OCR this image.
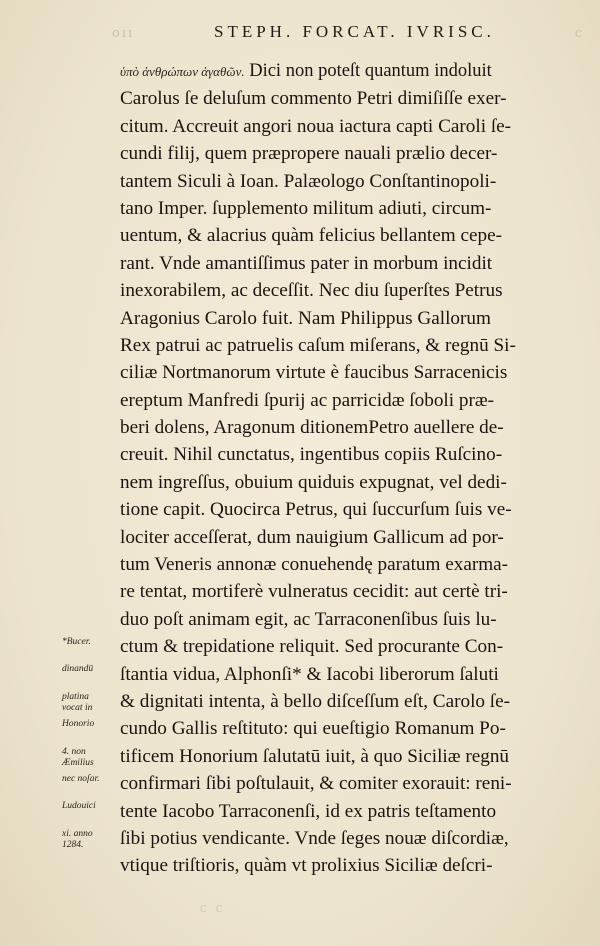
oıı	STEPH. FORCAT. IVRISC.	c
ὑπὸ ἀνθρώπων ἀγαθῶν. Dici non poteſt quantum indoluit
Carolus ſe deluſum commento Petri dimiſiſſe exer-
citum. Accreuit angori noua iactura capti Caroli ſe-
cundi filij, quem præpropere nauali prælio decer-
tantem Siculi à Ioan. Palæologo Conſtantinopoli-
tano Imper. ſupplemento militum adiuti, circum-
uentum, & alacrius quàm felicius bellantem cepe-
rant. Vnde amantiſſimus pater in morbum incidit
inexorabilem, ac deceſſit. Nec diu ſuperſtes Petrus
Aragonius Carolo fuit. Nam Philippus Gallorum
Rex patrui ac patruelis caſum miſerans, & regnū Si-
ciliæ Nortmanorum virtute è faucibus Sarracenicis
ereptum Manfredi ſpurij ac parricidæ ſoboli præ-
beri dolens, Aragonum ditionemPetro auellere de-
creuit. Nihil cunctatus, ingentibus copiis Ruſcino-
nem ingreſſus, obuium quiduis expugnat, vel dedi-
tione capit. Quocirca Petrus, qui ſuccurſum ſuis ve-
lociter acceſſerat, dum nauigium Gallicum ad por-
tum Veneris annonæ conuehendę paratum exarma-
re tentat, mortiferè vulneratus cecidit: aut certè tri-
duo poſt animam egit, ac Tarraconenſibus ſuis lu-
ctum & trepidatione reliquit. Sed procurante Con-
ſtantia vidua, Alphonſi* & Iacobi liberorum ſaluti
& dignitati intenta, à bello diſceſſum eſt, Carolo ſe-
cundo Gallis reſtituto: qui eueſtigio Romanum Po-
tificem Honorium ſalutatū iuit, à quo Siciliæ regnū
confirmari ſibi poſtulauit, & comiter exorauit: reni-
tente Iacobo Tarraconenſi, id ex patris teſtamento
ſibi potius vendicante. Vnde ſeges nouæ diſcordiæ,
vtique triſtioris, quàm vt prolixius Siciliæ deſcri-
*Bucer.
dinandū
platina
vocat in
Honorio
4. non
Æmilius
nec noſar.
Ludouici
xi. anno
1284.
C C
